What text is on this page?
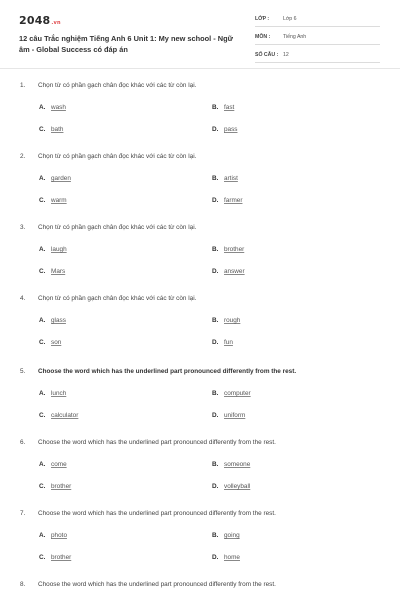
2048.vn
12 câu Trắc nghiệm Tiếng Anh 6 Unit 1: My new school - Ngữ âm - Global Success có đáp án
LỚP :	Lớp 6
MÔN : Tiếng Anh
SỐ CÂU : 12
1. Chọn từ có phần gạch chân đọc khác với các từ còn lại.
A. wash	B. fast
C. bath	D. pass
2. Chọn từ có phần gạch chân đọc khác với các từ còn lại.
A. garden	B. artist
C. warm	D. farmer
3. Chọn từ có phần gạch chân đọc khác với các từ còn lại.
A. laugh	B. brother
C. Mars	D. answer
4. Chọn từ có phần gạch chân đọc khác với các từ còn lại.
A. glass	B. rough
C. son	D. fun
5. Choose the word which has the underlined part pronounced differently from the rest.
A. lunch	B. computer
C. calculator	D. uniform
6. Choose the word which has the underlined part pronounced differently from the rest.
A. come	B. someone
C. brother	D. volleyball
7. Choose the word which has the underlined part pronounced differently from the rest.
A. photo	B. going
C. brother	D. home
8. Choose the word which has the underlined part pronounced differently from the rest.
